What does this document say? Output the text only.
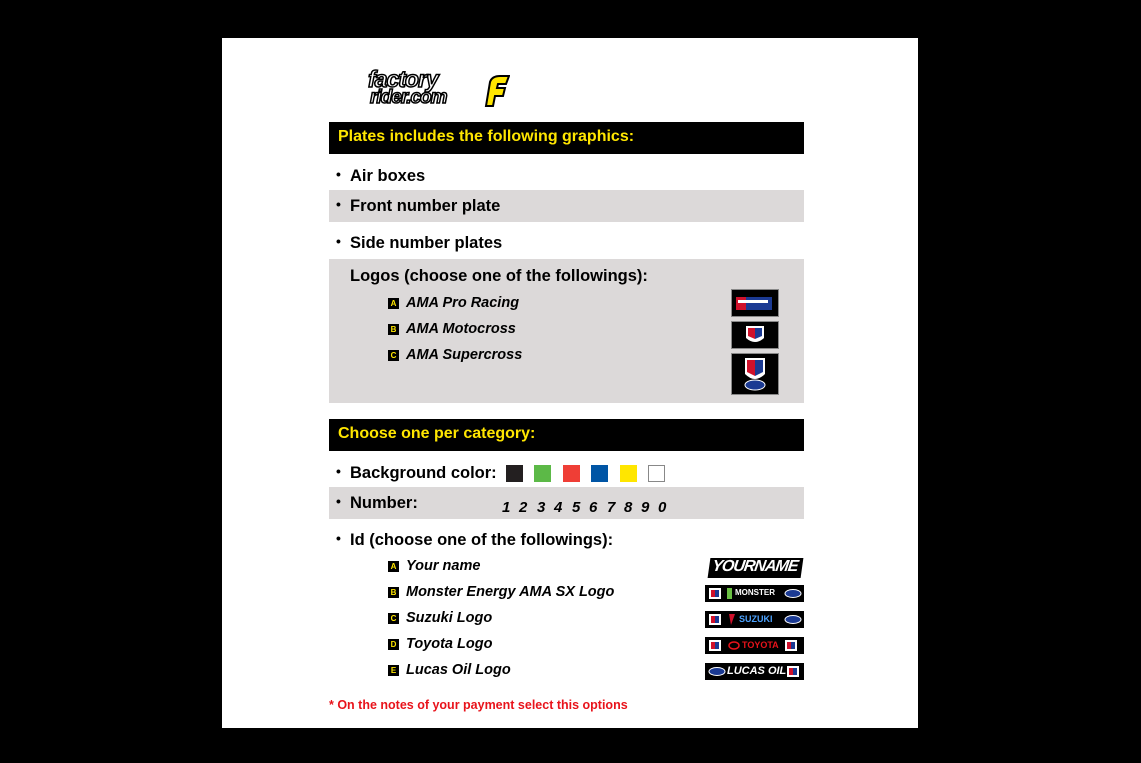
factory
rider.com
Plates includes the following graphics:
• Air boxes
• Front number plate
• Side number plates
Logos (choose one of the followings):
A AMA Pro Racing
B AMA Motocross
C AMA Supercross
Choose one per category:
• Background color:
• Number:	1 2 3 4 5 6 7 8 9 0
• Id (choose one of the followings):
A Your name
B Monster Energy AMA SX Logo
C Suzuki Logo
D Toyota Logo
E Lucas Oil Logo
YOURNAME
MONSTER
SUZUKI
TOYOTA
LUCAS OIL
* On the notes of your payment select this options
